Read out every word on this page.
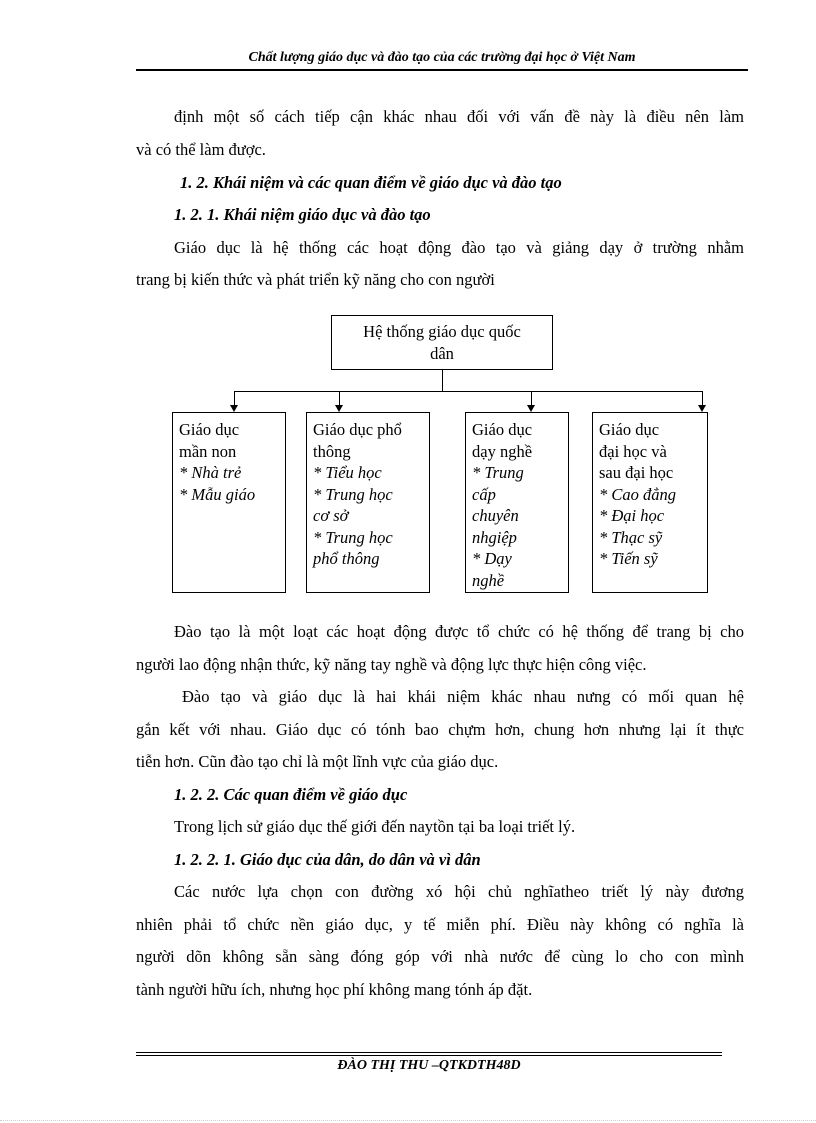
Chất lượng giáo dục và đào tạo của các trường đại học ở Việt Nam
định một số cách tiếp cận khác nhau đối với vấn đề này là điều nên làm
và có thể làm được.
1. 2. Khái niệm và các quan điểm về giáo dục và đào tạo
1. 2. 1. Khái niệm giáo dục và đào tạo
Giáo dục là hệ thống các hoạt động đào tạo và giảng dạy ở trường nhằm
trang bị kiến thức và phát triển kỹ năng cho con người
Hệ thống giáo dục quốc
dân
Giáo dục
mần non
* Nhà trẻ
* Mẫu giáo
Giáo dục phổ
thông
* Tiểu học
* Trung học
cơ sở
* Trung học
phổ thông
Giáo dục
dạy nghề
* Trung
cấp
chuyên
nhgiệp
* Dạy
nghề
Giáo dục
đại học và
sau đại học
* Cao đẳng
* Đại học
* Thạc sỹ
* Tiến sỹ
Đào tạo là một loạt các hoạt động được tổ chức có hệ thống để trang bị cho
người lao động nhận thức, kỹ năng tay nghề và động lực thực hiện công việc.
Đào tạo và giáo dục là hai khái niệm khác nhau nưng có mối quan hệ
gắn kết với nhau. Giáo dục có tónh bao chựm hơn, chung hơn nhưng lại ít thực
tiễn hơn. Cũn đào tạo chỉ là một lĩnh vực của giáo dục.
1. 2. 2. Các quan điểm về giáo dục
Trong lịch sử giáo dục thế giới đến naytồn tại ba loại triết lý.
1. 2. 2. 1. Giáo dục của dân, do dân và vì dân
Các nước lựa chọn con đường xó hội chủ nghĩatheo triết lý này đương
nhiên phải tổ chức nền giáo dục, y tế miễn phí. Điều này không có nghĩa là
người dõn không sẵn sàng đóng góp với nhà nước để cùng lo cho con mình
tành người hữu ích, nhưng học phí không mang tónh áp đặt.
ĐÀO THỊ THU –QTKDTH48D
